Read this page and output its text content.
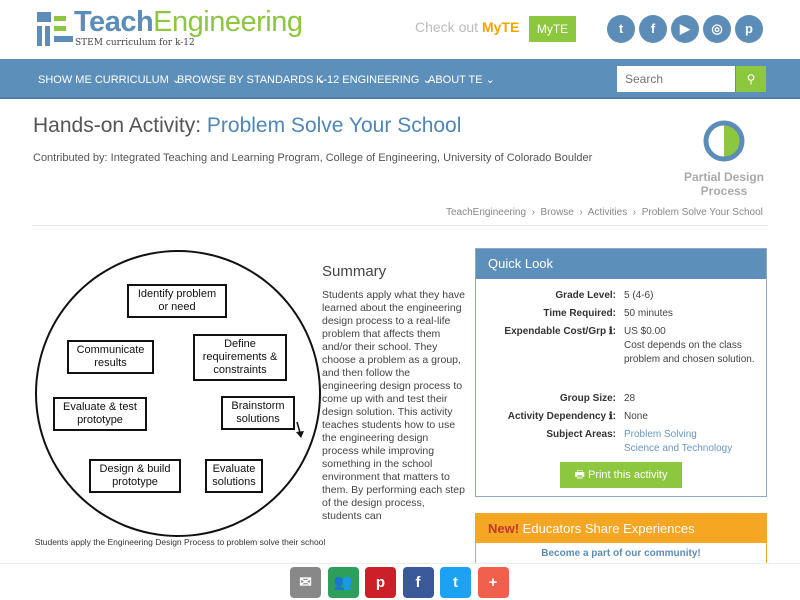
TeachEngineering
STEM curriculum for k-12
Check out MyTE	MyTE	t	f	▶	◎	p
SHOW ME CURRICULUM ⌄
BROWSE BY STANDARDS ⌄
K-12 ENGINEERING ⌄
ABOUT TE ⌄
Search	⚲
Hands-on Activity: Problem Solve Your School
Contributed by: Integrated Teaching and Learning Program, College of Engineering, University of Colorado Boulder
Partial Design Process
TeachEngineering  ›  Browse  ›  Activities  ›  Problem Solve Your School
Identify problem or need
Define requirements & constraints
Brainstorm solutions
Evaluate solutions
Design & build prototype
Evaluate & test prototype
Communicate results
Students apply the Engineering Design Process to problem solve their school
Summary
Students apply what they have learned about the engineering design process to a real-life problem that affects them and/or their school. They choose a problem as a group, and then follow the engineering design process to come up with and test their design solution. This activity teaches students how to use the engineering design process while improving something in the school environment that matters to them. By performing each step of the design process, students can
Quick Look
Grade Level: 5 (4-6)
Time Required: 50 minutes
Expendable Cost/Grp ℹ: US $0.00
Cost depends on the class problem and chosen solution.
Group Size: 28
Activity Dependency ℹ: None
Subject Areas: Problem Solving
Science and Technology
🖶 Print this activity
New! Educators Share Experiences
Become a part of our community!
✉	👥	p	f	t	+
